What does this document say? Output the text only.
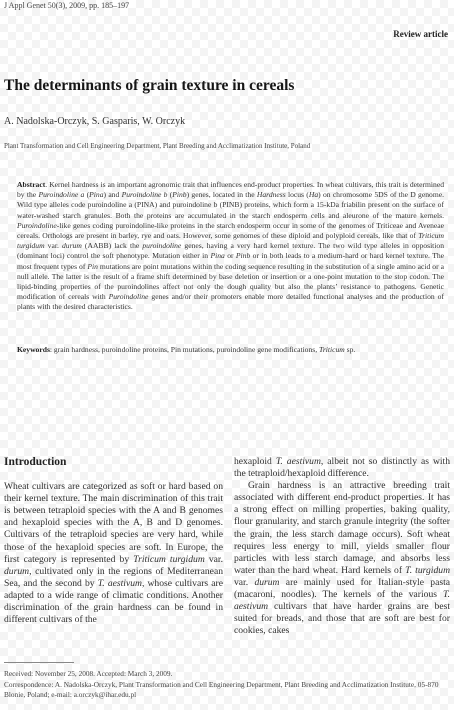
J Appl Genet 50(3), 2009, pp. 185–197
Review article
The determinants of grain texture in cereals
A. Nadolska-Orczyk, S. Gasparis, W. Orczyk
Plant Transformation and Cell Engineering Department, Plant Breeding and Acclimatization Institute, Poland

Abstract. Kernel hardness is an important agronomic trait that influences end-product properties. In wheat cultivars, this trait is determined by the Puroindoline a (Pina) and Puroindoline b (Pinb) genes, located in the Hardness locus (Ha) on chromosome 5DS of the D genome. Wild type alleles code puroindoline a (PINA) and puroindoline b (PINB) proteins, which form a 15-kDa friabilin present on the surface of water-washed starch granules. Both the proteins are accumulated in the starch endosperm cells and aleurone of the mature kernels. Puroindoline-like genes coding puroindoline-like proteins in the starch endosperm occur in some of the genomes of Triticeae and Aveneae cereals. Orthologs are present in barley, rye and oats. However, some genomes of these diploid and polyploid cereals, like that of Triticum turgidum var. durum (AABB) lack the puroindoline genes, having a very hard kernel texture. The two wild type alleles in opposition (dominant loci) control the soft phenotype. Mutation either in Pina or Pinb or in both leads to a medium-hard or hard kernel texture. The most frequent types of Pin mutations are point mutations within the coding sequence resulting in the substitution of a single amino acid or a null allele. The latter is the result of a frame shift determined by base deletion or insertion or a one-point mutation to the stop codon. The lipid-binding properties of the puroindolines affect not only the dough quality but also the plants’ resistance to pathogens. Genetic modification of cereals with Puroindoline genes and/or their promoters enable more detailed functional analyses and the production of plants with the desired characteristics.

Keywords: grain hardness, puroindoline proteins, Pin mutations, puroindoline gene modifications, Triticum sp.

Introduction

Wheat cultivars are categorized as soft or hard based on their kernel texture. The main discrimination of this trait is between tetraploid species with the A and B genomes and hexaploid species with the A, B and D genomes. Cultivars of the tetraploid species are very hard, while those of the hexaploid species are soft. In Europe, the first category is represented by Triticum turgidum var. durum, cultivated only in the regions of Mediterranean Sea, and the second by T. aestivum, whose cultivars are adapted to a wide range of climatic conditions. Another discrimination of the grain hardness can be found in different cultivars of the

hexaploid T. aestivum, albeit not so distinctly as with the tetraploid/hexaploid difference.

Grain hardness is an attractive breeding trait associated with different end-product properties. It has a strong effect on milling properties, baking quality, flour granularity, and starch granule integrity (the softer the grain, the less starch damage occurs). Soft wheat requires less energy to mill, yields smaller flour particles with less starch damage, and absorbs less water than the hard wheat. Hard kernels of T. turgidum var. durum are mainly used for Italian-style pasta (macaroni, noodles). The kernels of the various T. aestivum cultivars that have harder grains are best suited for breads, and those that are soft are best for cookies, cakes

Received: November 25, 2008. Accepted: March 3, 2009.
Correspondence: A. Nadolska-Orczyk, Plant Transformation and Cell Engineering Department, Plant Breeding and Acclimatization Institute, 05-870 Blonie, Poland; e-mail: a.orczyk@ihar.edu.pl
